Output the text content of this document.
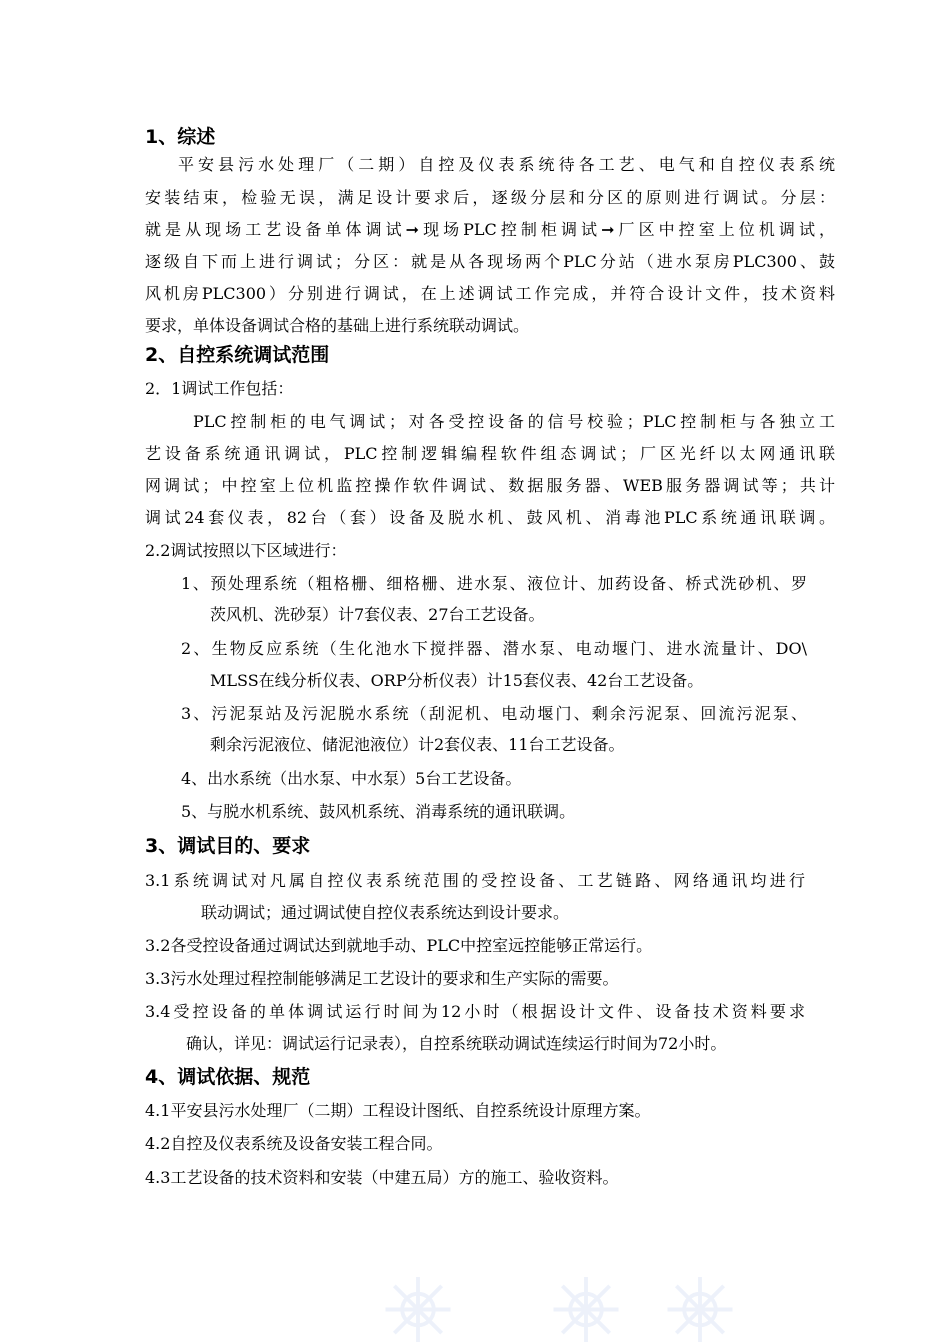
1、综述
平安县污水处理厂（二期）自控及仪表系统待各工艺、电气和自控仪表系统
安装结束，检验无误，满足设计要求后，逐级分层和分区的原则进行调试。分层：
就是从现场工艺设备单体调试➞现场PLC控制柜调试➞厂区中控室上位机调试，
逐级自下而上进行调试；分区：就是从各现场两个PLC分站（进水泵房PLC300、鼓
风机房PLC300）分别进行调试，在上述调试工作完成，并符合设计文件，技术资料
要求，单体设备调试合格的基础上进行系统联动调试。
2、自控系统调试范围
2．1调试工作包括：
PLC控制柜的电气调试；对各受控设备的信号校验；PLC控制柜与各独立工
艺设备系统通讯调试，PLC控制逻辑编程软件组态调试；厂区光纤以太网通讯联
网调试；中控室上位机监控操作软件调试、数据服务器、WEB服务器调试等；共计
调试24套仪表，82台（套）设备及脱水机、鼓风机、消毒池PLC系统通讯联调。
2.2调试按照以下区域进行：
1、预处理系统（粗格栅、细格栅、进水泵、液位计、加药设备、桥式洗砂机、罗
茨风机、洗砂泵）计7套仪表、27台工艺设备。
2、生物反应系统（生化池水下搅拌器、潜水泵、电动堰门、进水流量计、DO\
MLSS在线分析仪表、ORP分析仪表）计15套仪表、42台工艺设备。
3、污泥泵站及污泥脱水系统（刮泥机、电动堰门、剩余污泥泵、回流污泥泵、
剩余污泥液位、储泥池液位）计2套仪表、11台工艺设备。
4、出水系统（出水泵、中水泵）5台工艺设备。
5、与脱水机系统、鼓风机系统、消毒系统的通讯联调。
3、调试目的、要求
3.1系统调试对凡属自控仪表系统范围的受控设备、工艺链路、网络通讯均进行
联动调试；通过调试使自控仪表系统达到设计要求。
3.2各受控设备通过调试达到就地手动、PLC中控室远控能够正常运行。
3.3污水处理过程控制能够满足工艺设计的要求和生产实际的需要。
3.4受控设备的单体调试运行时间为12小时（根据设计文件、设备技术资料要求
确认，详见：调试运行记录表），自控系统联动调试连续运行时间为72小时。
4、调试依据、规范
4.1平安县污水处理厂（二期）工程设计图纸、自控系统设计原理方案。
4.2自控及仪表系统及设备安装工程合同。
4.3工艺设备的技术资料和安装（中建五局）方的施工、验收资料。
